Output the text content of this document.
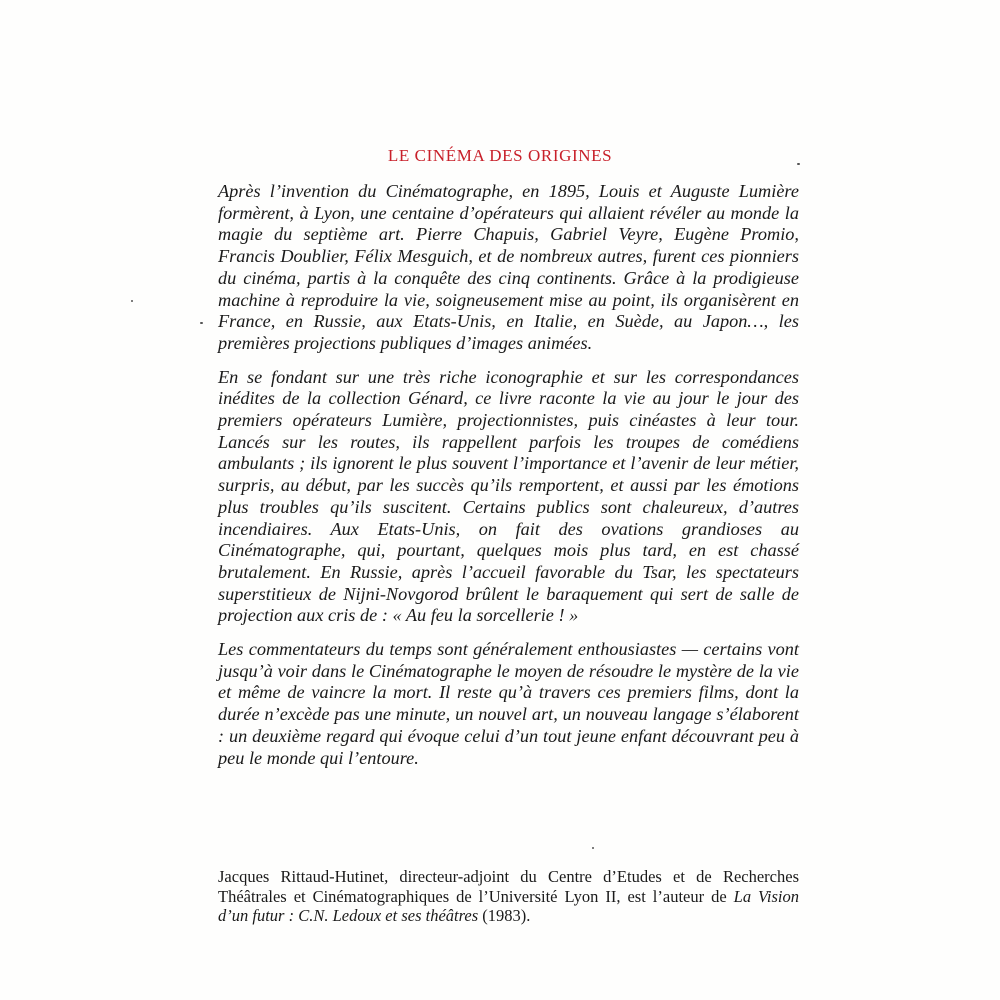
LE CINÉMA DES ORIGINES

Après l’invention du Cinématographe, en 1895, Louis et Auguste Lumière formèrent, à Lyon, une centaine d’opérateurs qui allaient révéler au monde la magie du septième art. Pierre Chapuis, Gabriel Veyre, Eugène Promio, Francis Doublier, Félix Mesguich, et de nombreux autres, furent ces pionniers du cinéma, partis à la conquête des cinq continents. Grâce à la prodigieuse machine à reproduire la vie, soigneusement mise au point, ils organisèrent en France, en Russie, aux Etats-Unis, en Italie, en Suède, au Japon…, les premières projections publiques d’images animées.

En se fondant sur une très riche iconographie et sur les correspondances inédites de la collection Génard, ce livre raconte la vie au jour le jour des premiers opérateurs Lumière, projectionnistes, puis cinéastes à leur tour. Lancés sur les routes, ils rappellent parfois les troupes de comédiens ambulants ; ils ignorent le plus souvent l’importance et l’avenir de leur métier, surpris, au début, par les succès qu’ils remportent, et aussi par les émotions plus troubles qu’ils suscitent. Certains publics sont chaleureux, d’autres incendiaires. Aux Etats-Unis, on fait des ovations grandioses au Cinématographe, qui, pourtant, quelques mois plus tard, en est chassé brutalement. En Russie, après l’accueil favorable du Tsar, les spectateurs superstitieux de Nijni-Novgorod brûlent le baraquement qui sert de salle de projection aux cris de : « Au feu la sorcellerie ! »

Les commentateurs du temps sont généralement enthousiastes — certains vont jusqu’à voir dans le Cinématographe le moyen de résoudre le mystère de la vie et même de vaincre la mort. Il reste qu’à travers ces premiers films, dont la durée n’excède pas une minute, un nouvel art, un nouveau langage s’élaborent : un deuxième regard qui évoque celui d’un tout jeune enfant découvrant peu à peu le monde qui l’entoure.

Jacques Rittaud-Hutinet, directeur-adjoint du Centre d’Etudes et de Recherches Théâtrales et Cinématographiques de l’Université Lyon II, est l’auteur de La Vision d’un futur : C.N. Ledoux et ses théâtres (1983).
